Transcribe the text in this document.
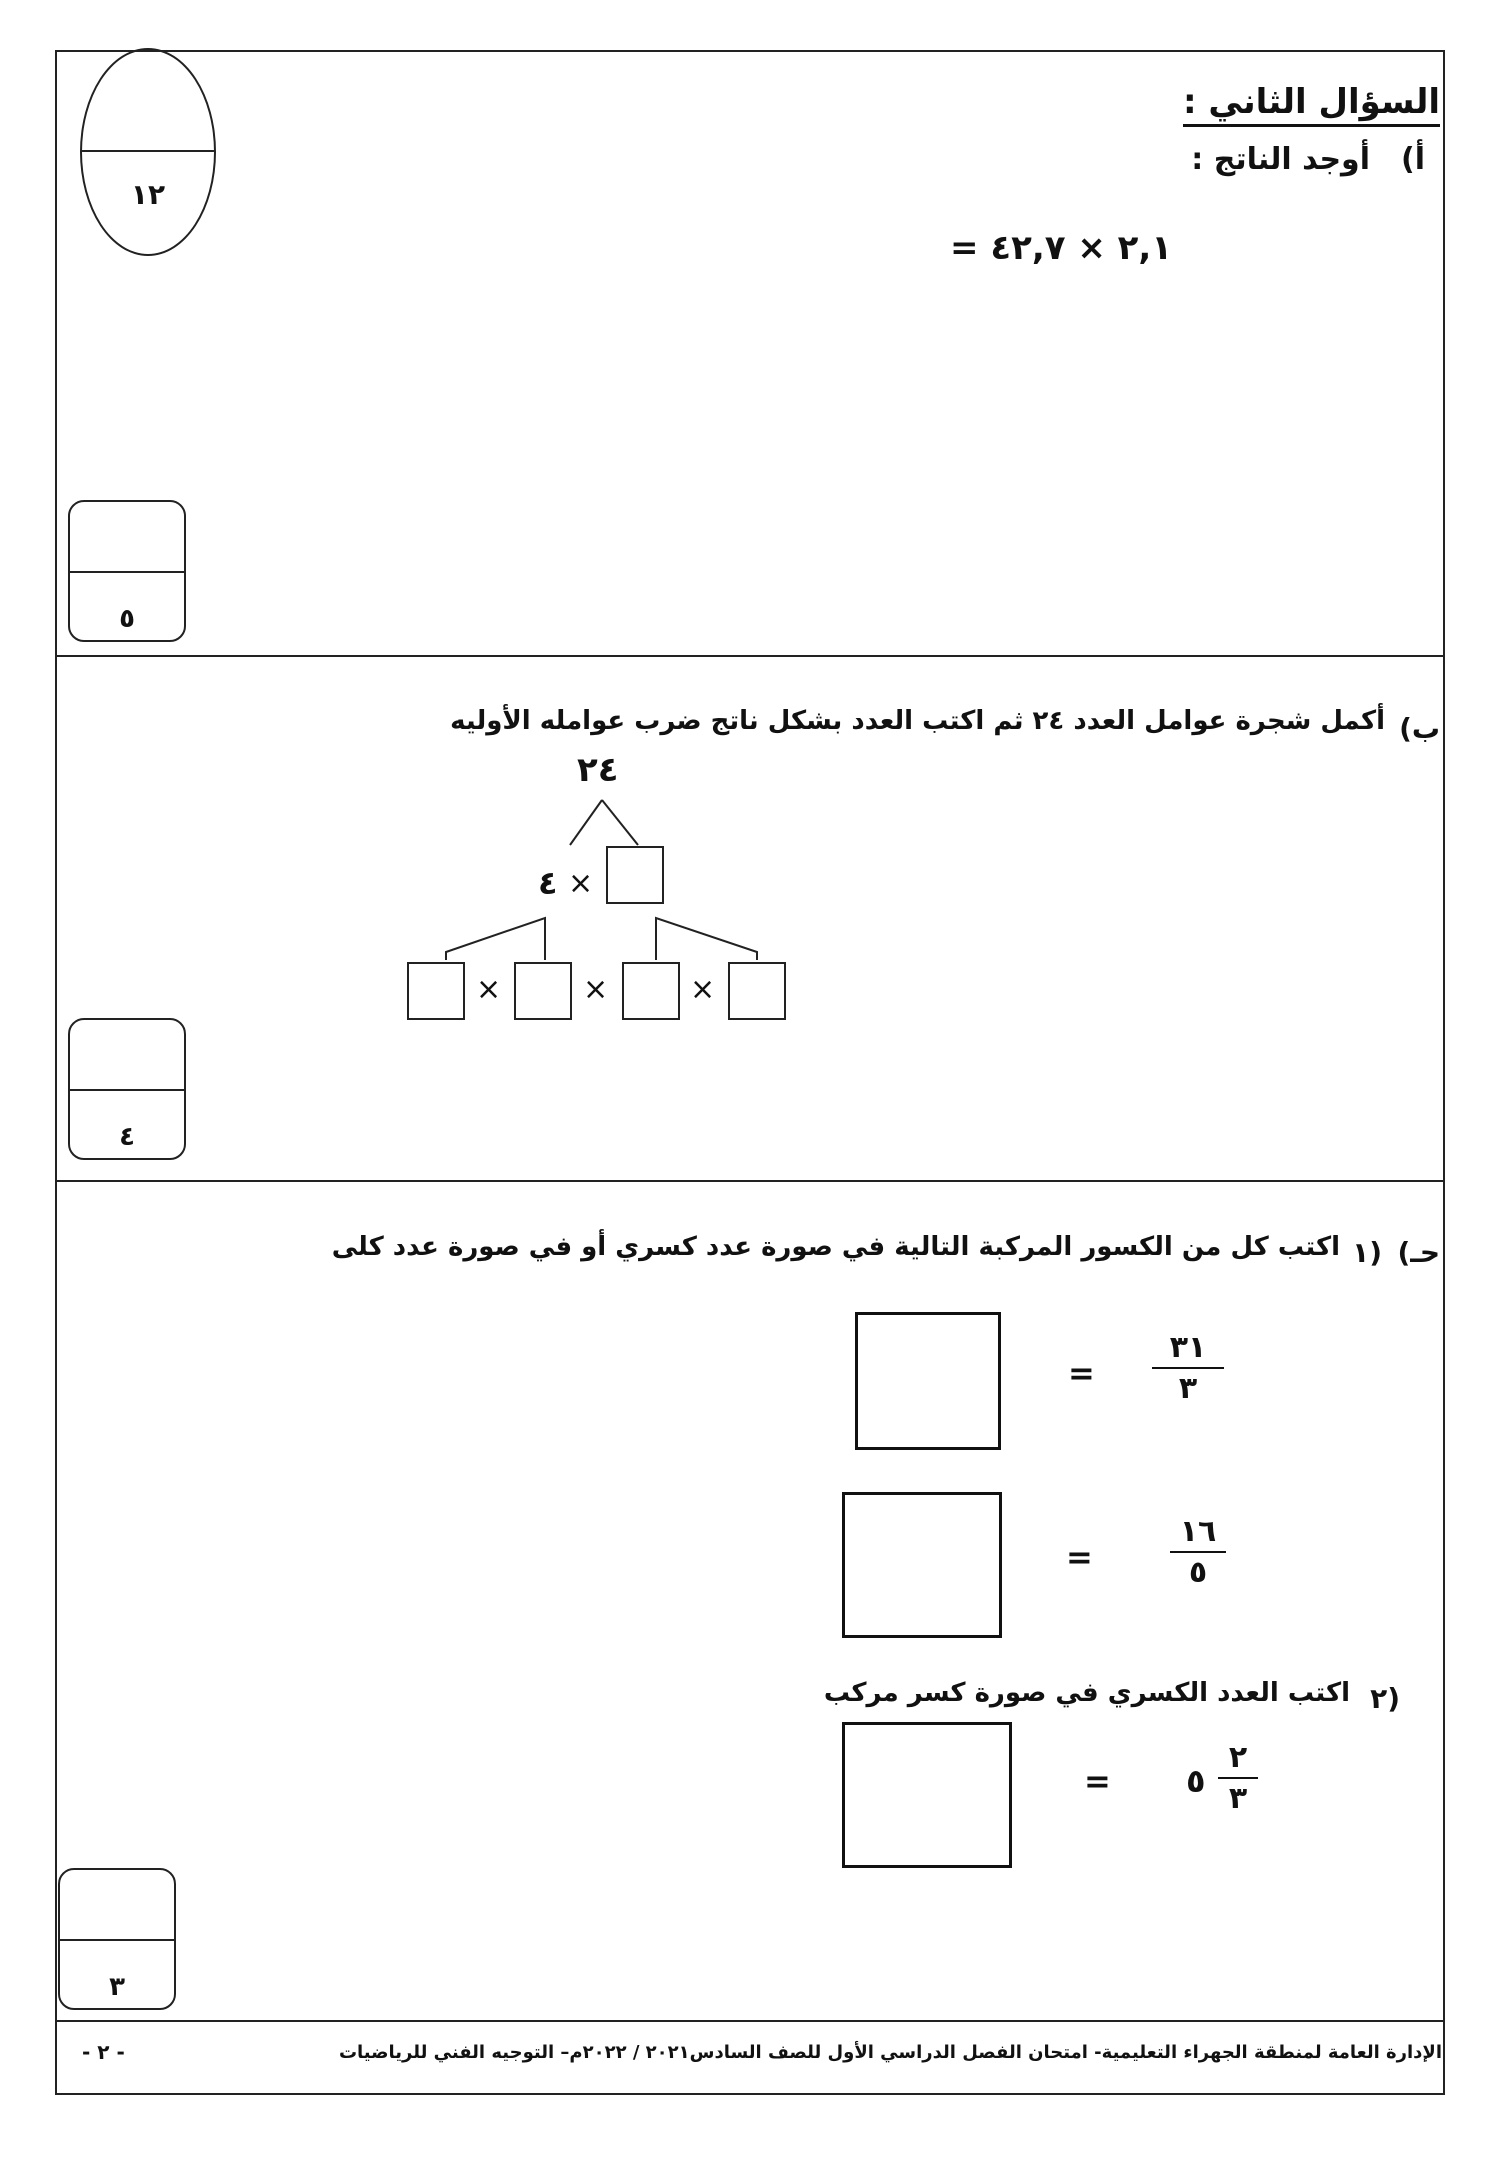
١٢
السؤال الثاني :
أ)
أوجد الناتج :
= ٢,١ × ٤٢,٧
٥
ب)
أكمل شجرة عوامل العدد ٢٤ ثم اكتب العدد بشكل ناتج ضرب عوامله الأوليه
٢٤
٤ ×
×	×	×
٤
حـ)
١)
اكتب كل من الكسور المركبة التالية في صورة عدد كسري أو في صورة عدد كلى
=
٣١
٣
=
١٦
٥
٢)
اكتب العدد الكسري في صورة كسر مركب
= ٥
٢
٣
٣
الإدارة العامة لمنطقة الجهراء التعليمية- امتحان الفصل الدراسي الأول للصف السادس٢٠٢١ / ٢٠٢٢م– التوجيه الفني للرياضيات
- ٢ -
